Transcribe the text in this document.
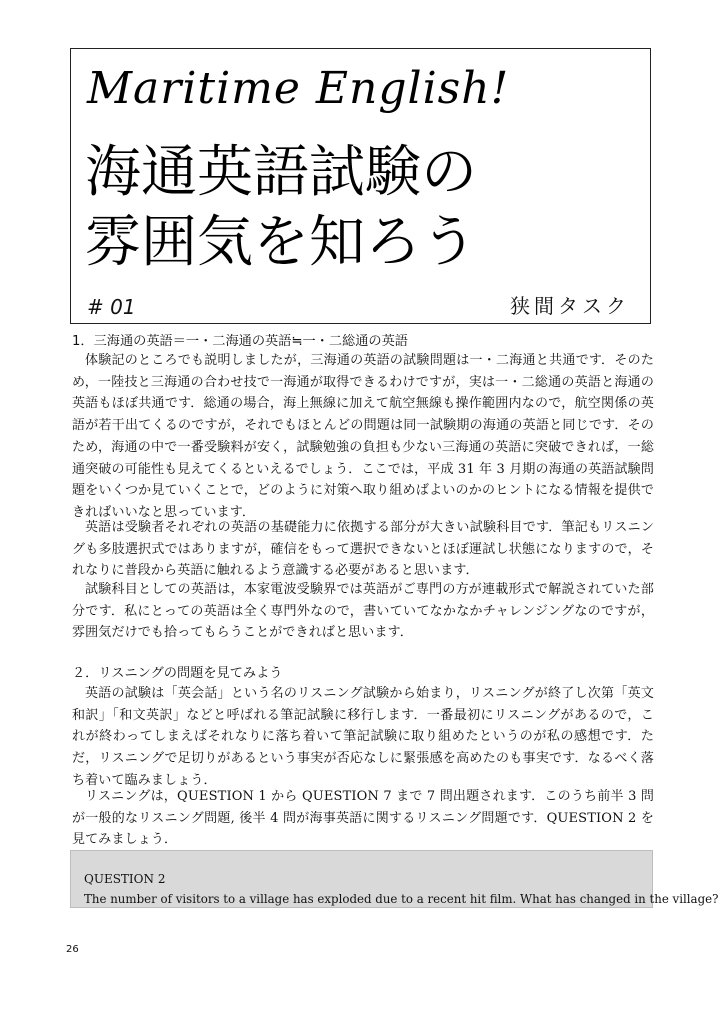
Maritime English!
海通英語試験の
雰囲気を知ろう
# 01	狭間タスク
1．三海通の英語＝一・二海通の英語≒一・二総通の英語

体験記のところでも説明しましたが，三海通の英語の試験問題は一・二海通と共通です．そのため，一陸技と三海通の合わせ技で一海通が取得できるわけですが，実は一・二総通の英語と海通の英語もほぼ共通です．総通の場合，海上無線に加えて航空無線も操作範囲内なので，航空関係の英語が若干出てくるのですが，それでもほとんどの問題は同一試験期の海通の英語と同じです．そのため，海通の中で一番受験料が安く，試験勉強の負担も少ない三海通の英語に突破できれば，一総通突破の可能性も見えてくるといえるでしょう．ここでは，平成 31 年 3 月期の海通の英語試験問題をいくつか見ていくことで，どのように対策へ取り組めばよいのかのヒントになる情報を提供できればいいなと思っています．

英語は受験者それぞれの英語の基礎能力に依拠する部分が大きい試験科目です．筆記もリスニングも多肢選択式ではありますが，確信をもって選択できないとほぼ運試し状態になりますので，それなりに普段から英語に触れるよう意識する必要があると思います．

試験科目としての英語は，本家電波受験界では英語がご専門の方が連載形式で解説されていた部分です．私にとっての英語は全く専門外なので，書いていてなかなかチャレンジングなのですが，雰囲気だけでも拾ってもらうことができればと思います．

２．リスニングの問題を見てみよう

英語の試験は「英会話」という名のリスニング試験から始まり，リスニングが終了し次第「英文和訳」「和文英訳」などと呼ばれる筆記試験に移行します．一番最初にリスニングがあるので，これが終わってしまえばそれなりに落ち着いて筆記試験に取り組めたというのが私の感想です．ただ，リスニングで足切りがあるという事実が否応なしに緊張感を高めたのも事実です．なるべく落ち着いて臨みましょう．

リスニングは，QUESTION 1 から QUESTION 7 まで 7 問出題されます．このうち前半 3 問が一般的なリスニング問題, 後半 4 問が海事英語に関するリスニング問題です．QUESTION 2 を見てみましょう．

QUESTION 2
The number of visitors to a village has exploded due to a recent hit film. What has changed in the village?
26
